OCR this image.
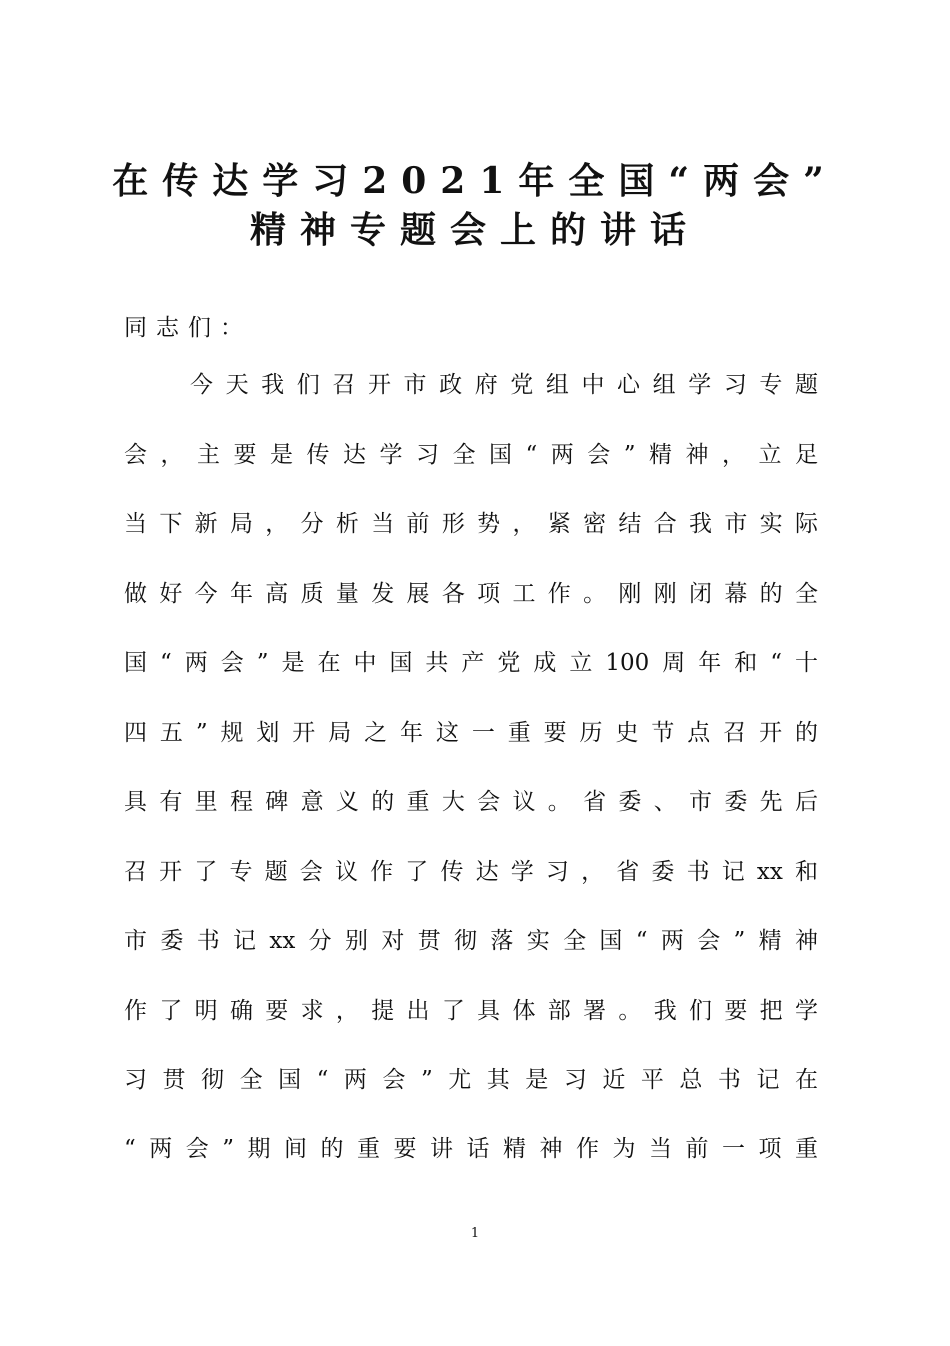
在传达学习2021年全国“两会”
精神专题会上的讲话
同志们：
今天我们召开市政府党组中心组学习专题
会，主要是传达学习全国“两会”精神，立足
当下新局，分析当前形势，紧密结合我市实际
做好今年高质量发展各项工作。刚刚闭幕的全
国“两会”是在中国共产党成立100周年和“十
四五”规划开局之年这一重要历史节点召开的
具有里程碑意义的重大会议。省委、市委先后
召开了专题会议作了传达学习，省委书记xx和
市委书记xx分别对贯彻落实全国“两会”精神
作了明确要求，提出了具体部署。我们要把学
习贯彻全国“两会”尤其是习近平总书记在
“两会”期间的重要讲话精神作为当前一项重
1
